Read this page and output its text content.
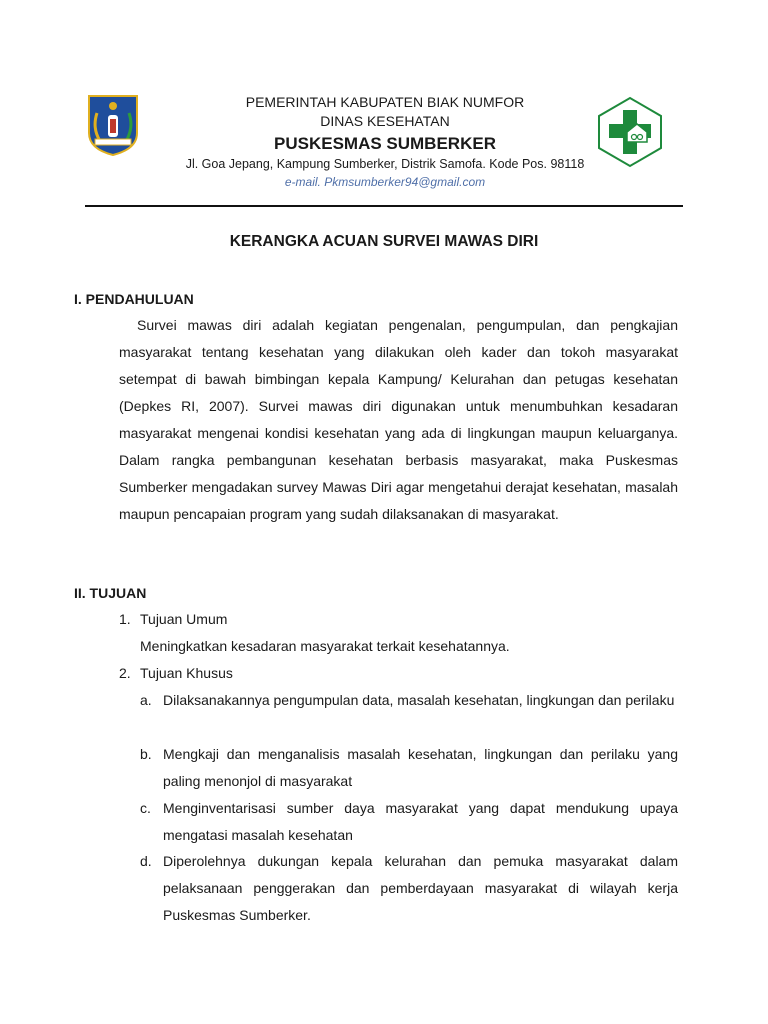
PEMERINTAH KABUPATEN BIAK NUMFOR
DINAS KESEHATAN
PUSKESMAS SUMBERKER
Jl. Goa Jepang, Kampung Sumberker, Distrik Samofa. Kode Pos. 98118
e-mail. Pkmsumberker94@gmail.com
KERANGKA ACUAN SURVEI MAWAS DIRI
I. PENDAHULUAN

Survei mawas diri adalah kegiatan pengenalan, pengumpulan, dan pengkajian masyarakat tentang kesehatan yang dilakukan oleh kader dan tokoh masyarakat setempat di bawah bimbingan kepala Kampung/ Kelurahan dan petugas kesehatan (Depkes RI, 2007). Survei mawas diri digunakan untuk menumbuhkan kesadaran masyarakat mengenai kondisi kesehatan yang ada di lingkungan maupun keluarganya. Dalam rangka pembangunan kesehatan berbasis masyarakat, maka Puskesmas Sumberker mengadakan survey Mawas Diri agar mengetahui derajat kesehatan, masalah maupun pencapaian program yang sudah dilaksanakan di masyarakat.

II. TUJUAN
1. Tujuan Umum
Meningkatkan kesadaran masyarakat terkait kesehatannya.
2. Tujuan Khusus
a. Dilaksanakannya pengumpulan data, masalah kesehatan, lingkungan dan perilaku

b. Mengkaji dan menganalisis masalah kesehatan, lingkungan dan perilaku yang paling menonjol di masyarakat

c. Menginventarisasi sumber daya masyarakat yang dapat mendukung upaya mengatasi masalah kesehatan

d. Diperolehnya dukungan kepala kelurahan dan pemuka masyarakat dalam pelaksanaan penggerakan dan pemberdayaan masyarakat di wilayah kerja Puskesmas Sumberker.
